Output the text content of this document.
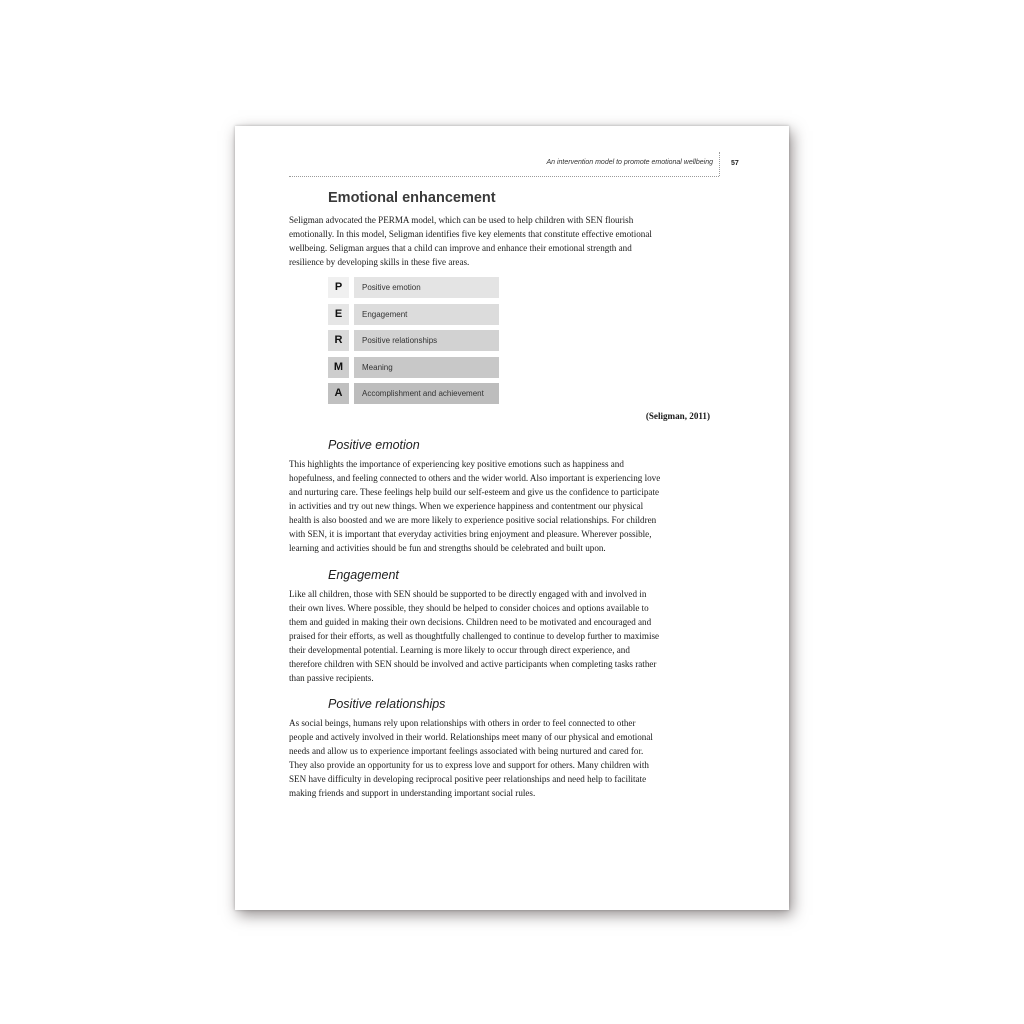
An intervention model to promote emotional wellbeing	57
Emotional enhancement

Seligman advocated the PERMA model, which can be used to help children with SEN flourish
emotionally. In this model, Seligman identifies five key elements that constitute effective emotional
wellbeing. Seligman argues that a child can improve and enhance their emotional strength and
resilience by developing skills in these five areas.

P	Positive emotion
E	Engagement
R	Positive relationships
M	Meaning
A	Accomplishment and achievement
(Seligman, 2011)
Positive emotion

This highlights the importance of experiencing key positive emotions such as happiness and
hopefulness, and feeling connected to others and the wider world. Also important is experiencing love
and nurturing care. These feelings help build our self-esteem and give us the confidence to participate
in activities and try out new things. When we experience happiness and contentment our physical
health is also boosted and we are more likely to experience positive social relationships. For children
with SEN, it is important that everyday activities bring enjoyment and pleasure. Wherever possible,
learning and activities should be fun and strengths should be celebrated and built upon.

Engagement

Like all children, those with SEN should be supported to be directly engaged with and involved in
their own lives. Where possible, they should be helped to consider choices and options available to
them and guided in making their own decisions. Children need to be motivated and encouraged and
praised for their efforts, as well as thoughtfully challenged to continue to develop further to maximise
their developmental potential. Learning is more likely to occur through direct experience, and
therefore children with SEN should be involved and active participants when completing tasks rather
than passive recipients.

Positive relationships

As social beings, humans rely upon relationships with others in order to feel connected to other
people and actively involved in their world. Relationships meet many of our physical and emotional
needs and allow us to experience important feelings associated with being nurtured and cared for.
They also provide an opportunity for us to express love and support for others. Many children with
SEN have difficulty in developing reciprocal positive peer relationships and need help to facilitate
making friends and support in understanding important social rules.
